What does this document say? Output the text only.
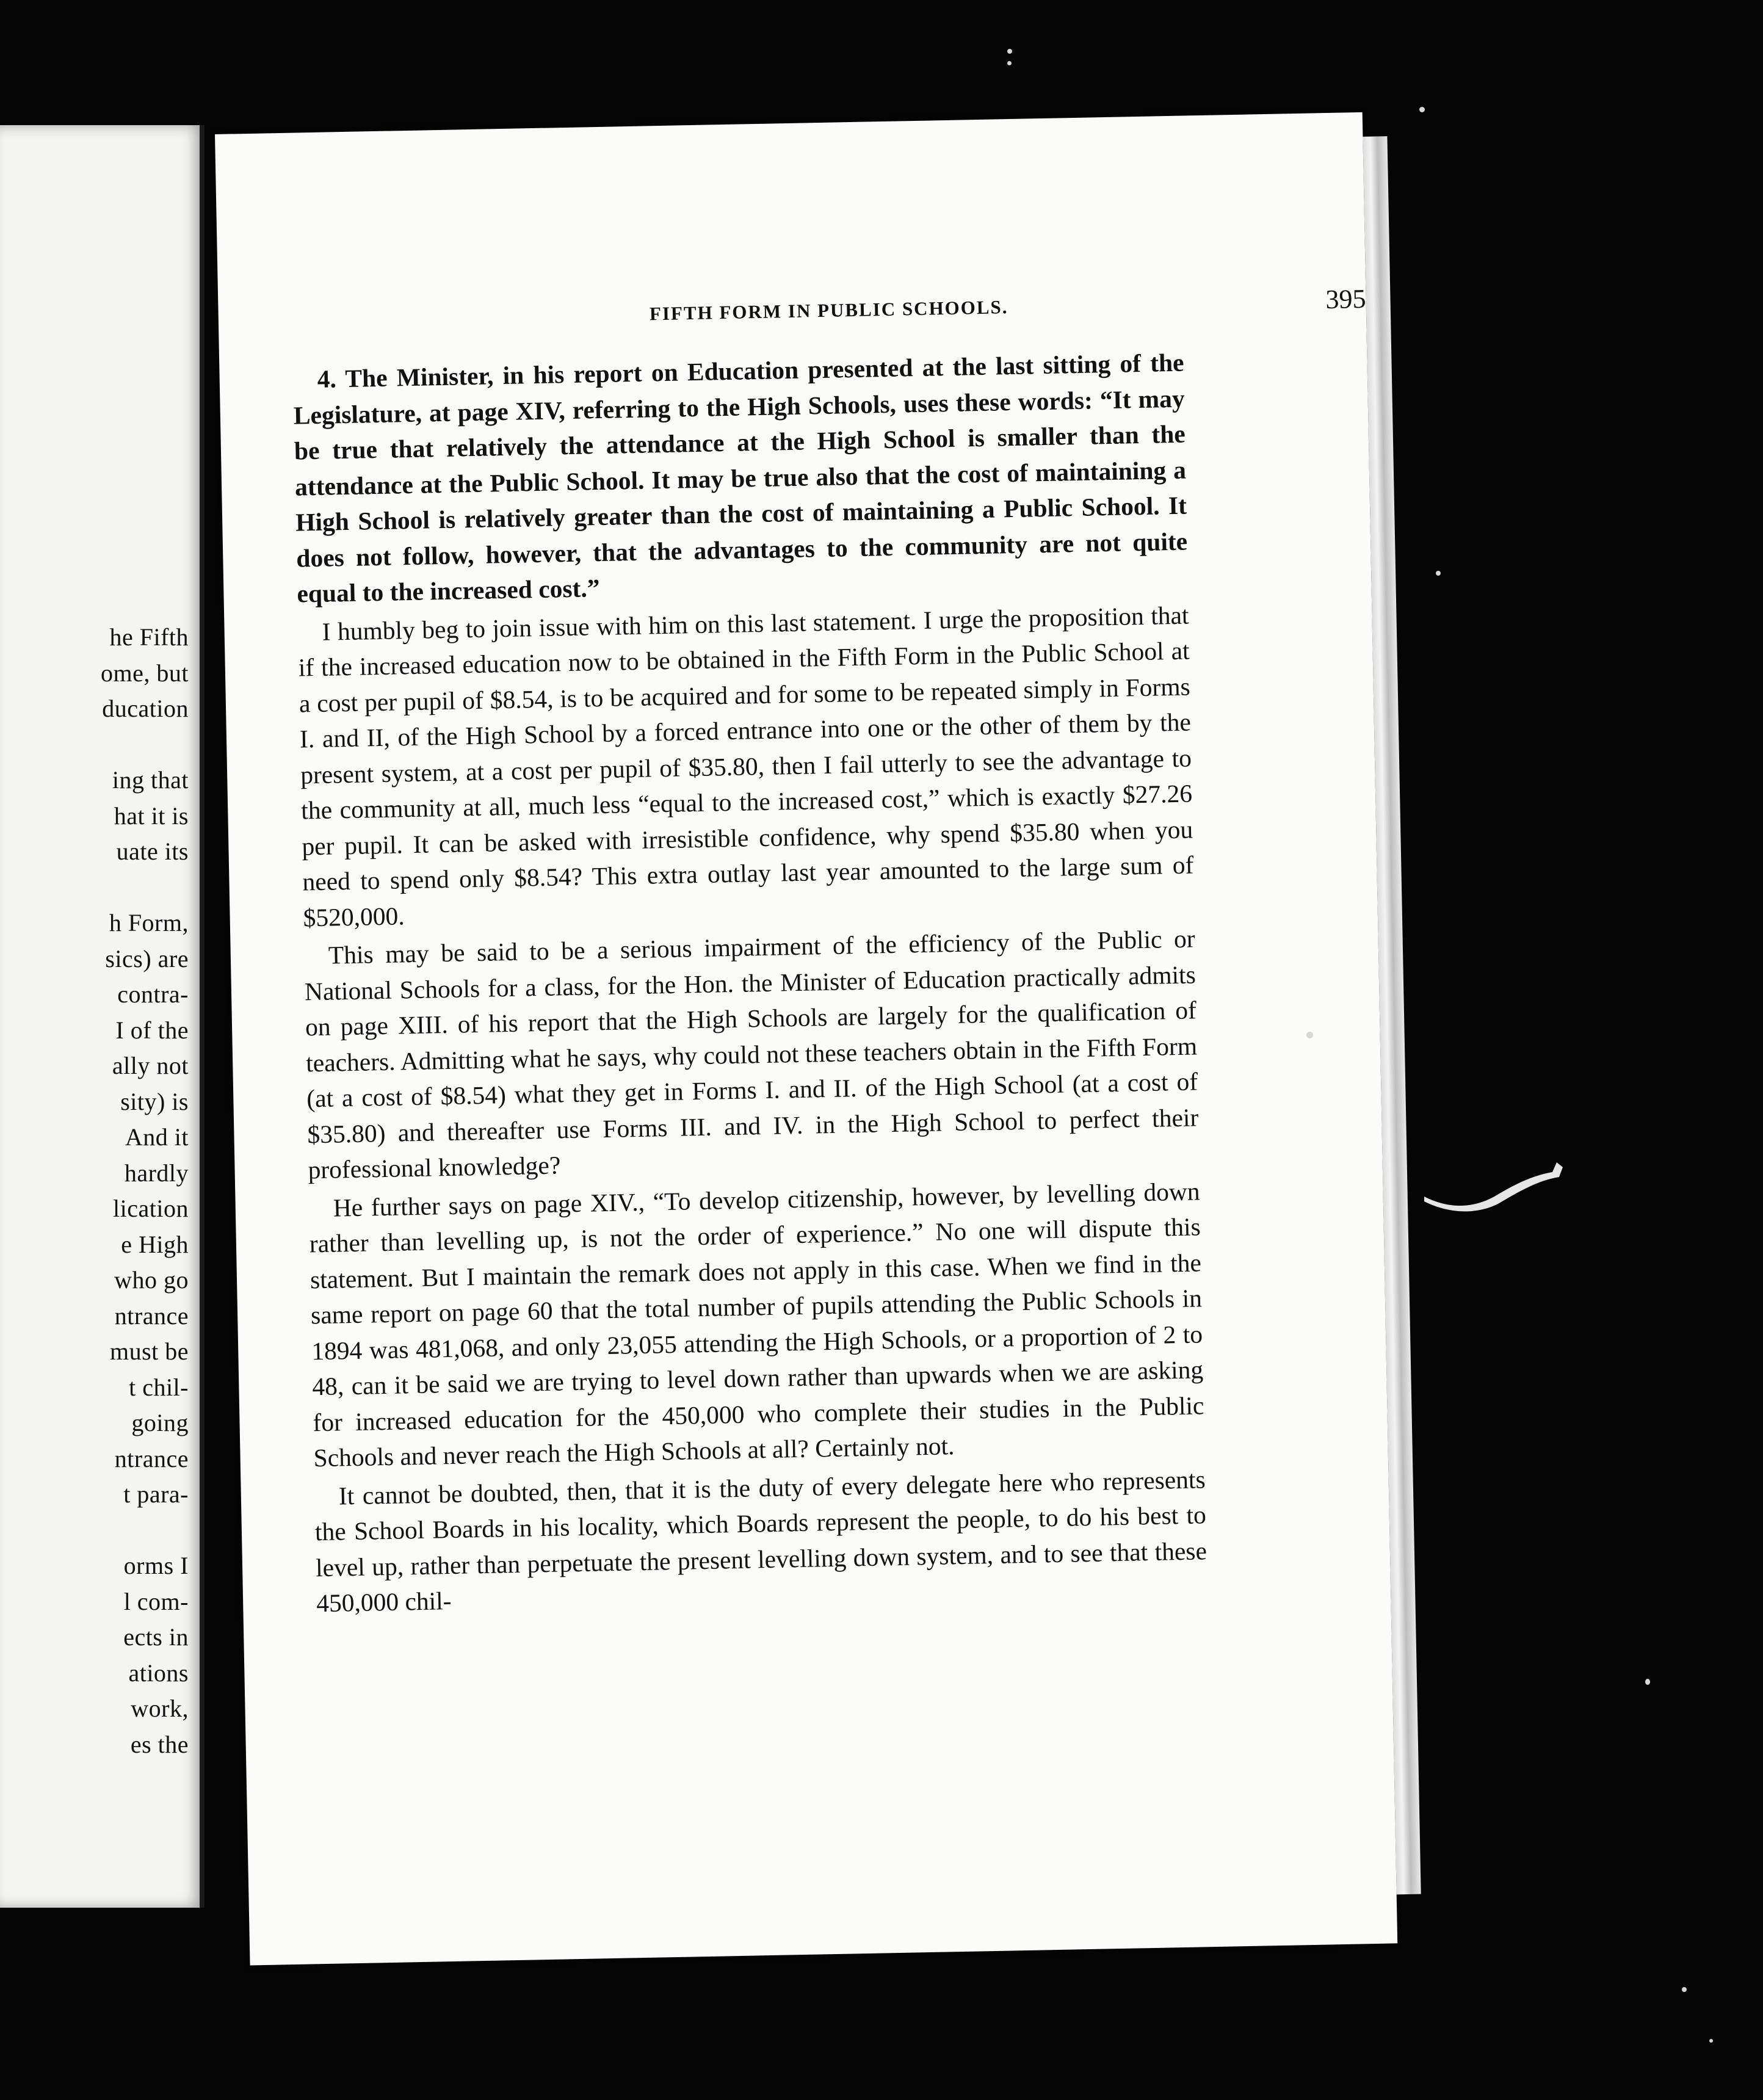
he Fifth
ome, but
ducation
ing that
hat it is
uate its
h Form,
sics) are
contra-
I of the
ally not
sity) is
And it
hardly
lication
e High
who go
ntrance
must be
t chil-
going
ntrance
t para-
orms I
l com-
ects in
ations
work,
es the
FIFTH FORM IN PUBLIC SCHOOLS.	395

4. The Minister, in his report on Education presented at the last sitting of the Legislature, at page XIV, referring to the High Schools, uses these words: “It may be true that relatively the attendance at the High School is smaller than the attendance at the Public School. It may be true also that the cost of maintaining a High School is relatively greater than the cost of maintaining a Public School. It does not follow, however, that the advantages to the community are not quite equal to the increased cost.”

I humbly beg to join issue with him on this last statement. I urge the proposition that if the increased education now to be obtained in the Fifth Form in the Public School at a cost per pupil of $8.54, is to be acquired and for some to be repeated simply in Forms I. and II, of the High School by a forced entrance into one or the other of them by the present system, at a cost per pupil of $35.80, then I fail utterly to see the advantage to the community at all, much less “equal to the increased cost,” which is exactly $27.26 per pupil. It can be asked with irresistible confidence, why spend $35.80 when you need to spend only $8.54? This extra outlay last year amounted to the large sum of $520,000.

This may be said to be a serious impairment of the efficiency of the Public or National Schools for a class, for the Hon. the Minister of Education practically admits on page XIII. of his report that the High Schools are largely for the qualification of teachers. Admitting what he says, why could not these teachers obtain in the Fifth Form (at a cost of $8.54) what they get in Forms I. and II. of the High School (at a cost of $35.80) and thereafter use Forms III. and IV. in the High School to perfect their professional knowledge?

He further says on page XIV., “To develop citizenship, however, by levelling down rather than levelling up, is not the order of experience.” No one will dispute this statement. But I maintain the remark does not apply in this case. When we find in the same report on page 60 that the total number of pupils attending the Public Schools in 1894 was 481,068, and only 23,055 attending the High Schools, or a proportion of 2 to 48, can it be said we are trying to level down rather than upwards when we are asking for increased education for the 450,000 who complete their studies in the Public Schools and never reach the High Schools at all? Certainly not.

It cannot be doubted, then, that it is the duty of every delegate here who represents the School Boards in his locality, which Boards represent the people, to do his best to level up, rather than perpetuate the present levelling down system, and to see that these 450,000 chil-
